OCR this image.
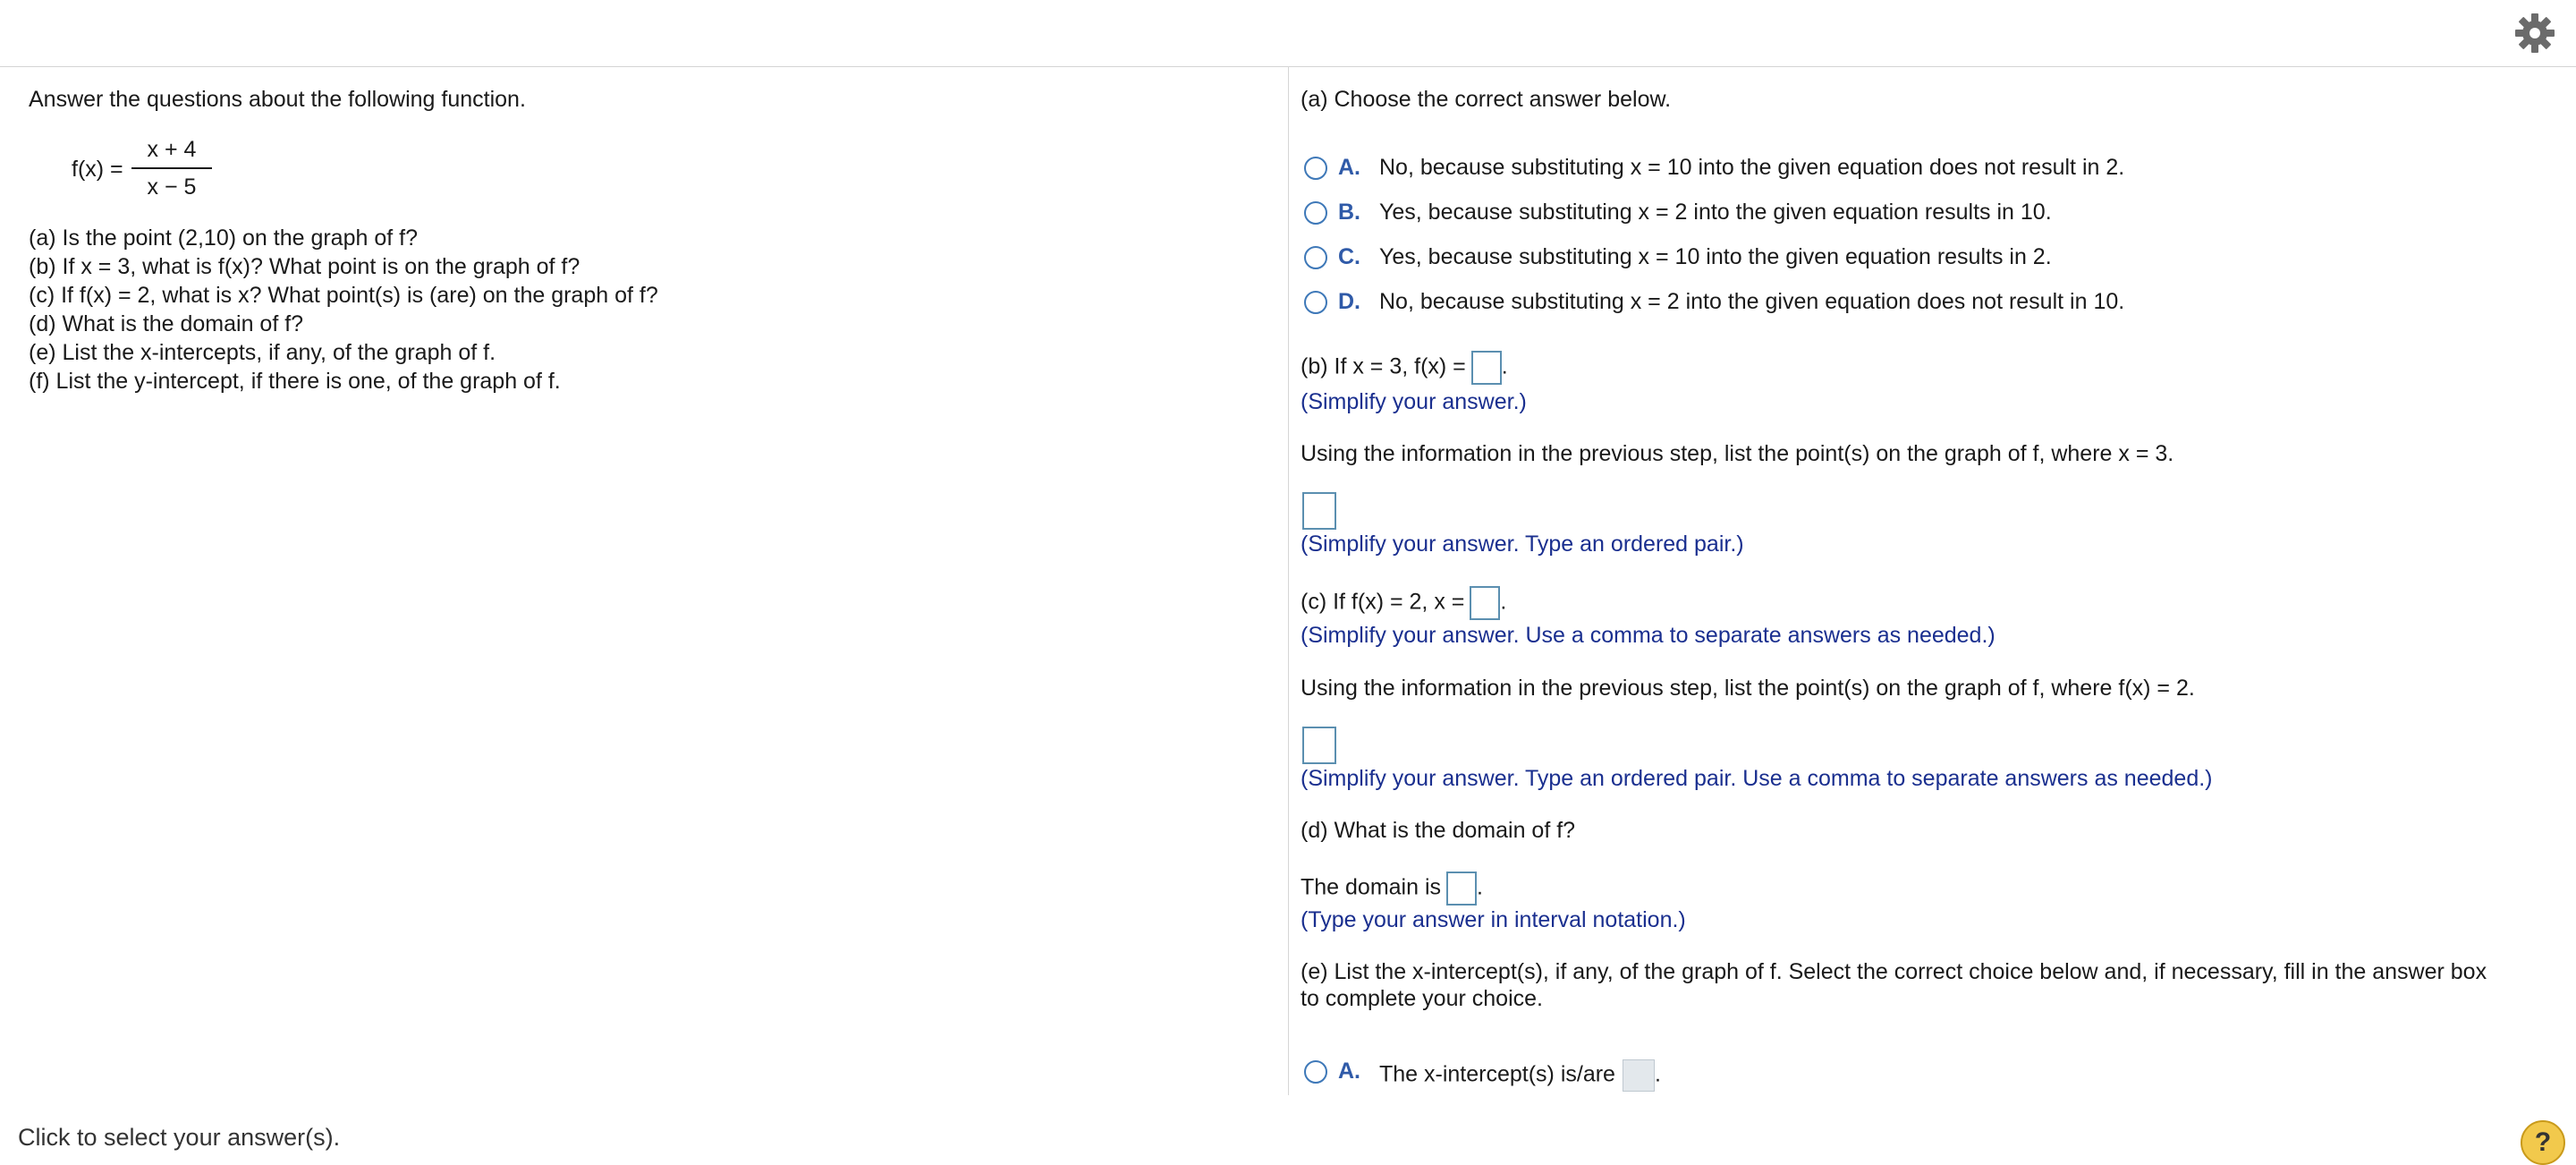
Answer the questions about the following function.
f(x) =
x + 4
x − 5
(a) Is the point (2,10) on the graph of f?
(b) If x = 3, what is f(x)? What point is on the graph of f?
(c) If f(x) = 2, what is x? What point(s) is (are) on the graph of f?
(d) What is the domain of f?
(e) List the x-intercepts, if any, of the graph of f.
(f) List the y-intercept, if there is one, of the graph of f.
(a) Choose the correct answer below.
A. No, because substituting x = 10 into the given equation does not result in 2.
B. Yes, because substituting x = 2 into the given equation results in 10.
C. Yes, because substituting x = 10 into the given equation results in 2.
D. No, because substituting x = 2 into the given equation does not result in 10.
(b) If x = 3, f(x) = .
(Simplify your answer.)
Using the information in the previous step, list the point(s) on the graph of f, where x = 3.
(Simplify your answer. Type an ordered pair.)
(c) If f(x) = 2, x = .
(Simplify your answer. Use a comma to separate answers as needed.)
Using the information in the previous step, list the point(s) on the graph of f, where f(x) = 2.
(Simplify your answer. Type an ordered pair. Use a comma to separate answers as needed.)
(d) What is the domain of f?
The domain is .
(Type your answer in interval notation.)
(e) List the x-intercept(s), if any, of the graph of f. Select the correct choice below and, if necessary, fill in the answer box
to complete your choice.
A. The x-intercept(s) is/are .
Click to select your answer(s).	?
